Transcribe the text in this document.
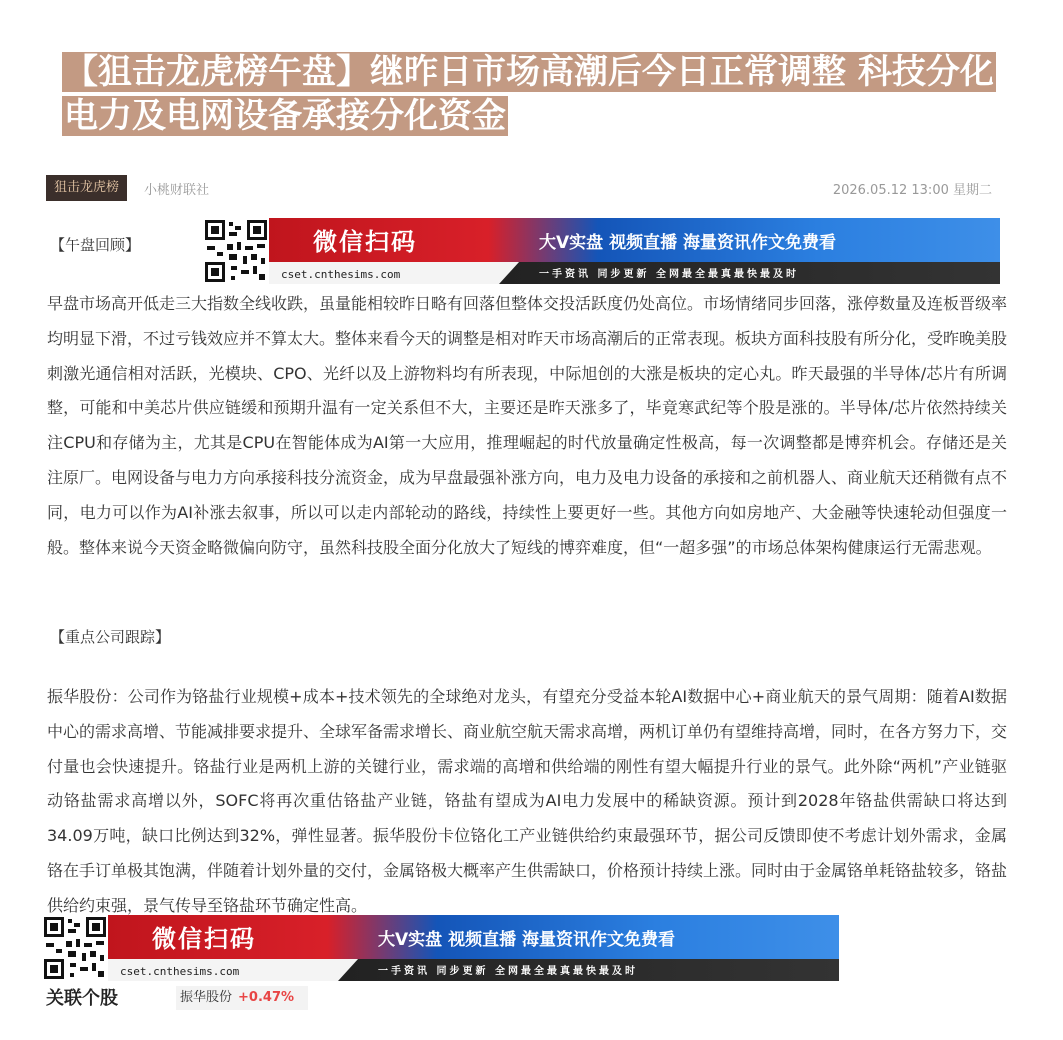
【狙击龙虎榜午盘】继昨日市场高潮后今日正常调整 科技分化电力及电网设备承接分化资金
狙击龙虎榜	小桃财联社	2026.05.12 13:00 星期二
【午盘回顾】	微信扫码	大V实盘 视频直播 海量资讯作文免费看
cset.cnthesims.com	一手资讯 同步更新 全网最全最真最快最及时
早盘市场高开低走三大指数全线收跌，虽量能相较昨日略有回落但整体交投活跃度仍处高位。市场情绪同步回落，涨停数量及连板晋级率均明显下滑，不过亏钱效应并不算太大。整体来看今天的调整是相对昨天市场高潮后的正常表现。板块方面科技股有所分化，受昨晚美股刺激光通信相对活跃，光模块、CPO、光纤以及上游物料均有所表现，中际旭创的大涨是板块的定心丸。昨天最强的半导体/芯片有所调整，可能和中美芯片供应链缓和预期升温有一定关系但不大，主要还是昨天涨多了，毕竟寒武纪等个股是涨的。半导体/芯片依然持续关注CPU和存储为主，尤其是CPU在智能体成为AI第一大应用，推理崛起的时代放量确定性极高，每一次调整都是博弈机会。存储还是关注原厂。电网设备与电力方向承接科技分流资金，成为早盘最强补涨方向，电力及电力设备的承接和之前机器人、商业航天还稍微有点不同，电力可以作为AI补涨去叙事，所以可以走内部轮动的路线，持续性上要更好一些。其他方向如房地产、大金融等快速轮动但强度一般。整体来说今天资金略微偏向防守，虽然科技股全面分化放大了短线的博弈难度，但“一超多强”的市场总体架构健康运行无需悲观。
【重点公司跟踪】
振华股份：公司作为铬盐行业规模+成本+技术领先的全球绝对龙头，有望充分受益本轮AI数据中心+商业航天的景气周期：随着AI数据中心的需求高增、节能减排要求提升、全球军备需求增长、商业航空航天需求高增，两机订单仍有望维持高增，同时，在各方努力下，交付量也会快速提升。铬盐行业是两机上游的关键行业，需求端的高增和供给端的刚性有望大幅提升行业的景气。此外除“两机”产业链驱动铬盐需求高增以外，SOFC将再次重估铬盐产业链，铬盐有望成为AI电力发展中的稀缺资源。预计到2028年铬盐供需缺口将达到34.09万吨，缺口比例达到32%，弹性显著。振华股份卡位铬化工产业链供给约束最强环节，据公司反馈即使不考虑计划外需求，金属铬在手订单极其饱满，伴随着计划外量的交付，金属铬极大概率产生供需缺口，价格预计持续上涨。同时由于金属铬单耗铬盐较多，铬盐供给约束强，景气传导至铬盐环节确定性高。
微信扫码	大V实盘 视频直播 海量资讯作文免费看
cset.cnthesims.com	一手资讯 同步更新 全网最全最真最快最及时
关联个股	振华股份 +0.47%
